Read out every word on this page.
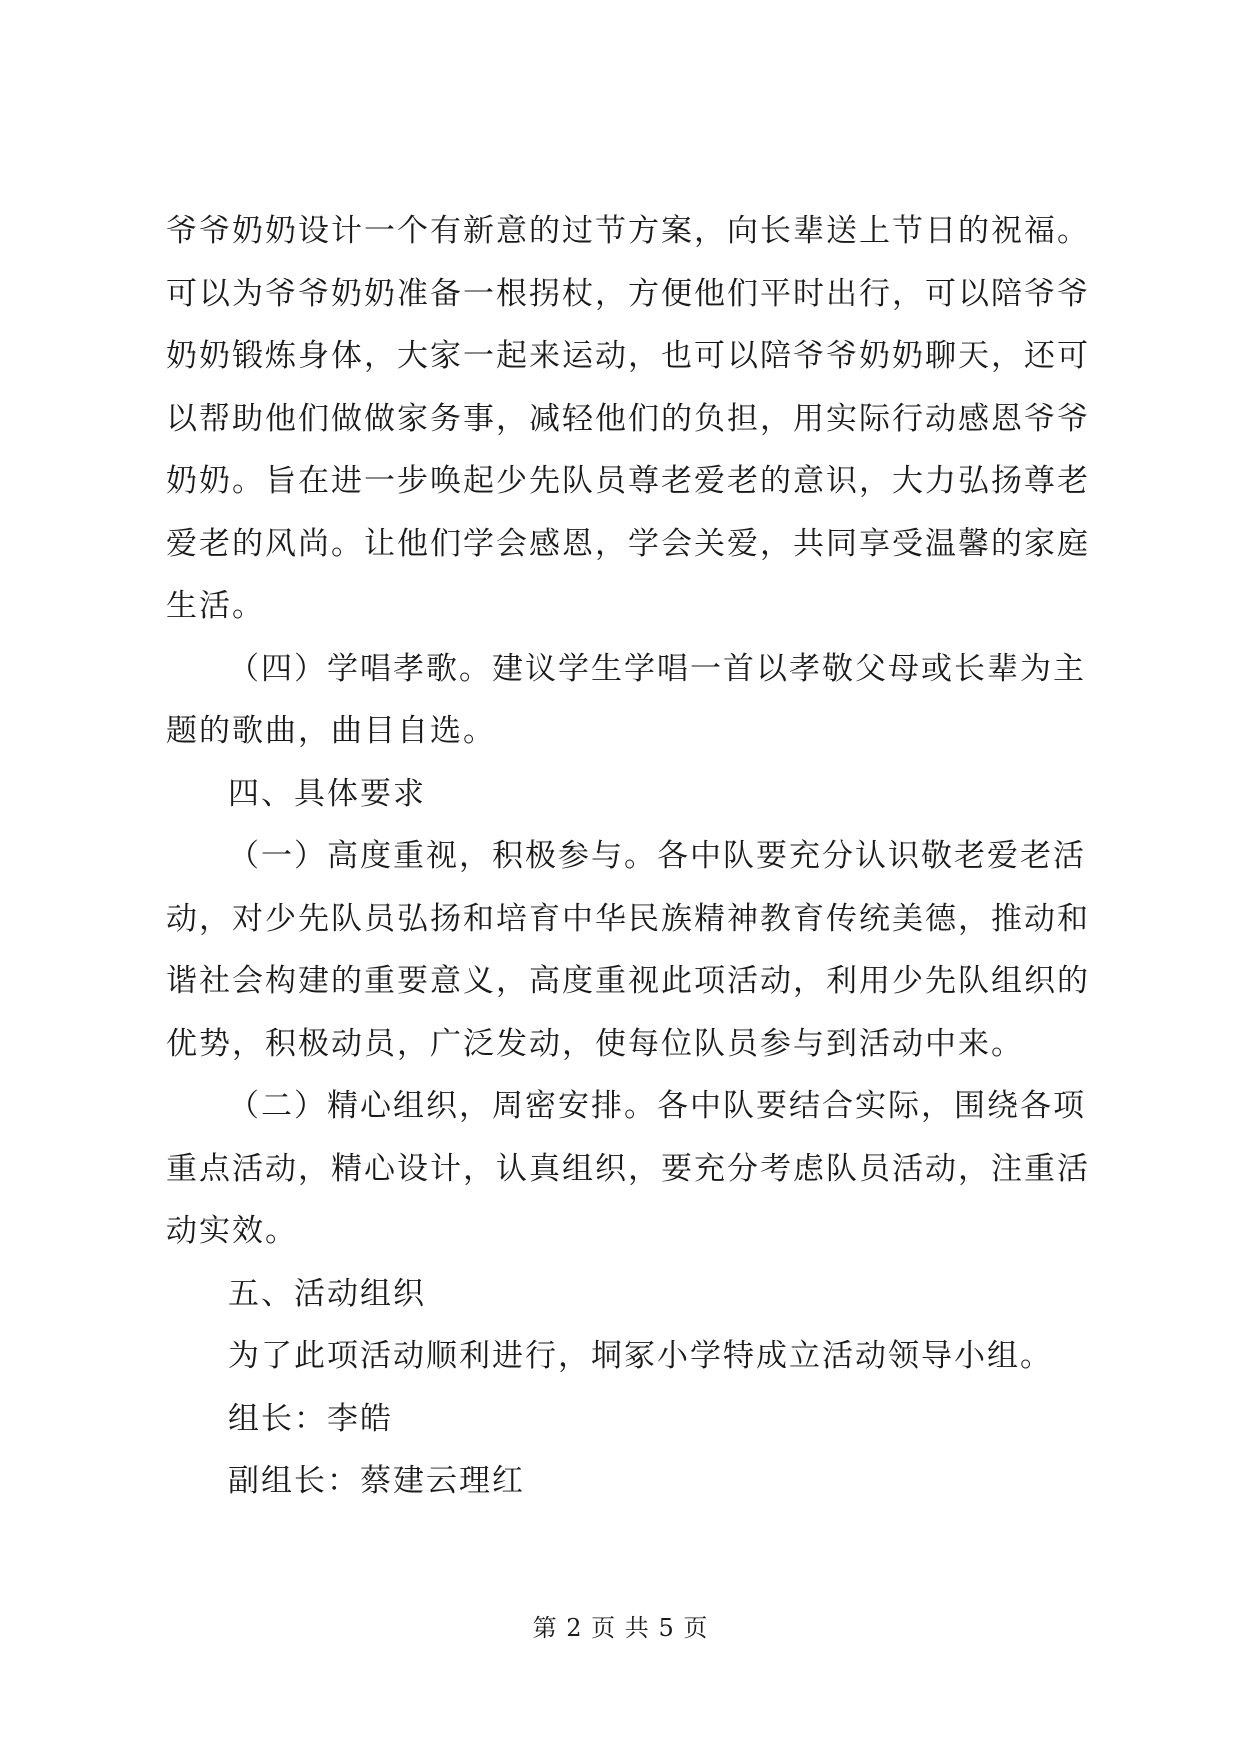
爷爷奶奶设计一个有新意的过节方案，向长辈送上节日的祝福。
可以为爷爷奶奶准备一根拐杖，方便他们平时出行，可以陪爷爷
奶奶锻炼身体，大家一起来运动，也可以陪爷爷奶奶聊天，还可
以帮助他们做做家务事，减轻他们的负担，用实际行动感恩爷爷
奶奶。旨在进一步唤起少先队员尊老爱老的意识，大力弘扬尊老
爱老的风尚。让他们学会感恩，学会关爱，共同享受温馨的家庭
生活。
（四）学唱孝歌。建议学生学唱一首以孝敬父母或长辈为主
题的歌曲，曲目自选。
四、具体要求
（一）高度重视，积极参与。各中队要充分认识敬老爱老活
动，对少先队员弘扬和培育中华民族精神教育传统美德，推动和
谐社会构建的重要意义，高度重视此项活动，利用少先队组织的
优势，积极动员，广泛发动，使每位队员参与到活动中来。
（二）精心组织，周密安排。各中队要结合实际，围绕各项
重点活动，精心设计，认真组织，要充分考虑队员活动，注重活
动实效。
五、活动组织
为了此项活动顺利进行，垌冢小学特成立活动领导小组。
组长：李皓
副组长：蔡建云理红
第 2 页 共 5 页
